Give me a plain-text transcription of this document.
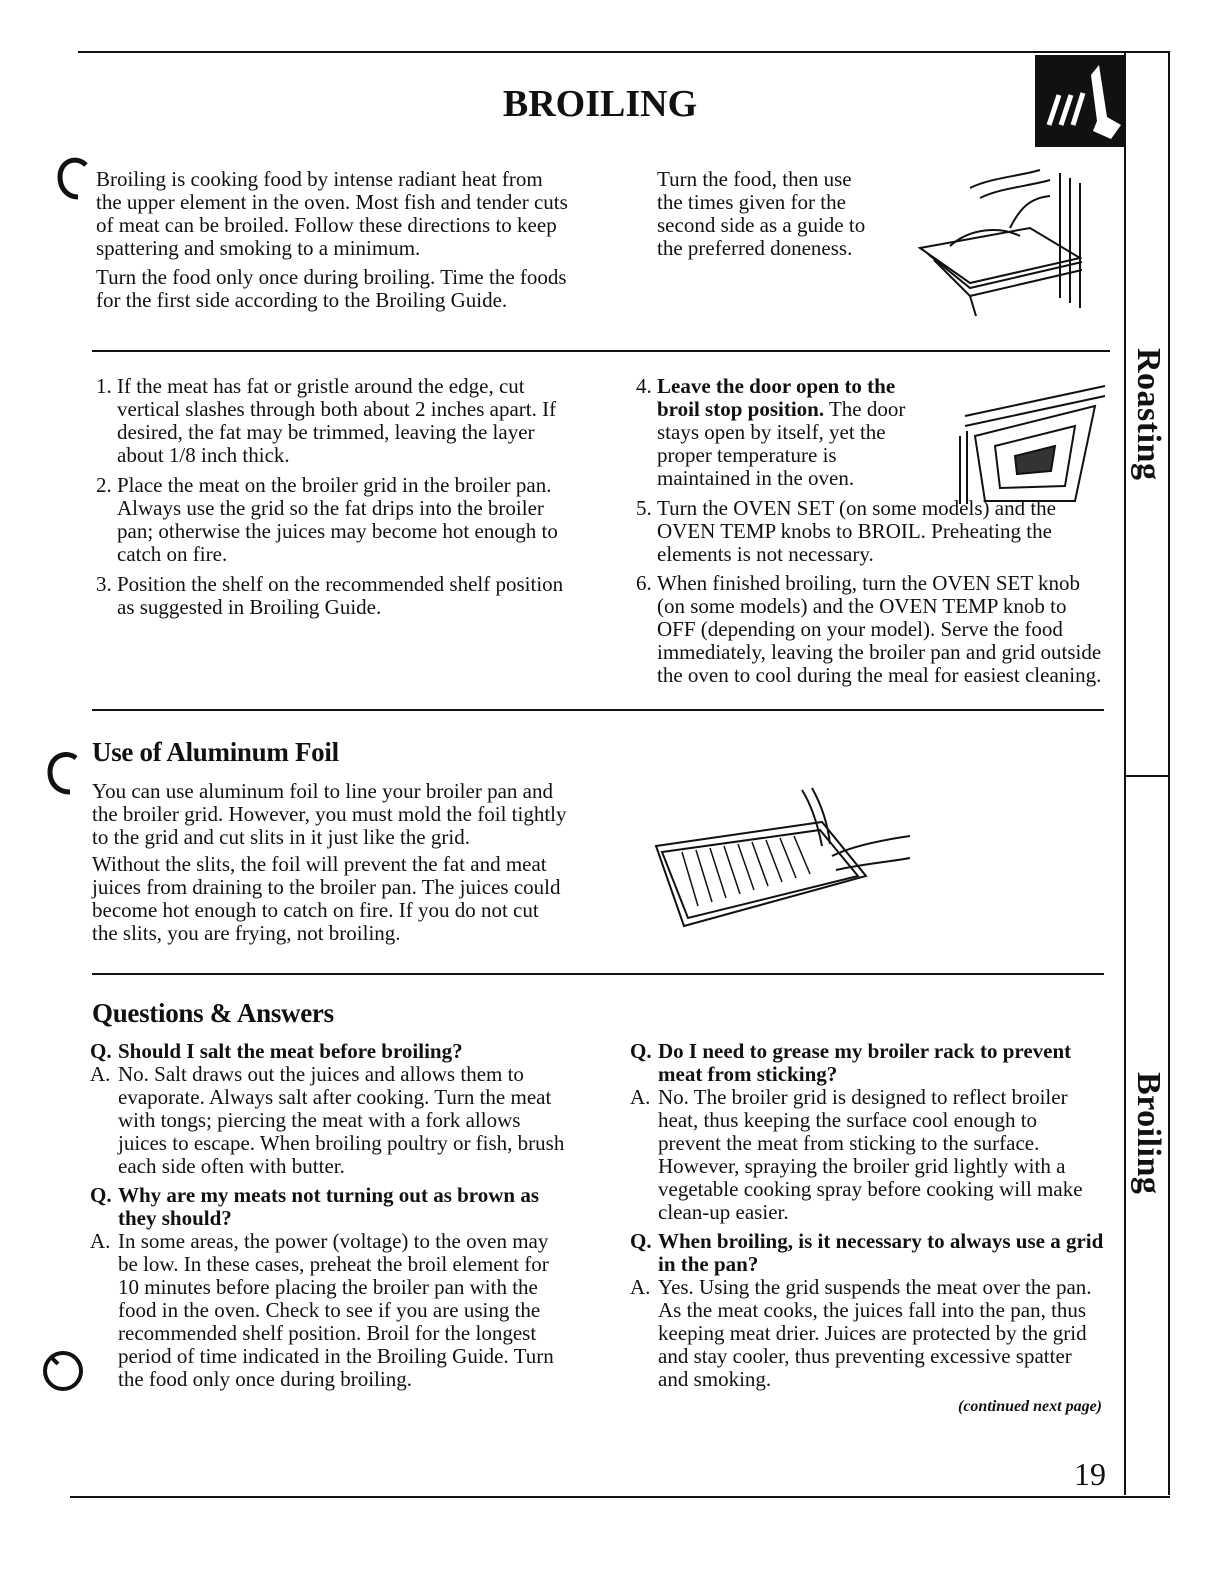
Roasting
Broiling
BROILING
Broiling is cooking food by intense radiant heat from the upper element in the oven. Most fish and tender cuts of meat can be broiled. Follow these directions to keep spattering and smoking to a minimum.
Turn the food only once during broiling. Time the foods for the first side according to the Broiling Guide.
Turn the food, then use the times given for the second side as a guide to the preferred doneness.
1. If the meat has fat or gristle around the edge, cut vertical slashes through both about 2 inches apart. If desired, the fat may be trimmed, leaving the layer about 1/8 inch thick.
2. Place the meat on the broiler grid in the broiler pan. Always use the grid so the fat drips into the broiler pan; otherwise the juices may become hot enough to catch on fire.
3. Position the shelf on the recommended shelf position as suggested in Broiling Guide.
4. Leave the door open to the broil stop position. The door stays open by itself, yet the proper temperature is maintained in the oven.
5. Turn the OVEN SET (on some models) and the OVEN TEMP knobs to BROIL. Preheating the elements is not necessary.
6. When finished broiling, turn the OVEN SET knob (on some models) and the OVEN TEMP knob to OFF (depending on your model). Serve the food immediately, leaving the broiler pan and grid outside the oven to cool during the meal for easiest cleaning.
Use of Aluminum Foil
You can use aluminum foil to line your broiler pan and the broiler grid. However, you must mold the foil tightly to the grid and cut slits in it just like the grid.
Without the slits, the foil will prevent the fat and meat juices from draining to the broiler pan. The juices could become hot enough to catch on fire. If you do not cut the slits, you are frying, not broiling.
Questions & Answers
Q. Should I salt the meat before broiling?
A. No. Salt draws out the juices and allows them to evaporate. Always salt after cooking. Turn the meat with tongs; piercing the meat with a fork allows juices to escape. When broiling poultry or fish, brush each side often with butter.
Q. Why are my meats not turning out as brown as they should?
A. In some areas, the power (voltage) to the oven may be low. In these cases, preheat the broil element for 10 minutes before placing the broiler pan with the food in the oven. Check to see if you are using the recommended shelf position. Broil for the longest period of time indicated in the Broiling Guide. Turn the food only once during broiling.
Q. Do I need to grease my broiler rack to prevent meat from sticking?
A. No. The broiler grid is designed to reflect broiler heat, thus keeping the surface cool enough to prevent the meat from sticking to the surface. However, spraying the broiler grid lightly with a vegetable cooking spray before cooking will make clean-up easier.
Q. When broiling, is it necessary to always use a grid in the pan?
A. Yes. Using the grid suspends the meat over the pan. As the meat cooks, the juices fall into the pan, thus keeping meat drier. Juices are protected by the grid and stay cooler, thus preventing excessive spatter and smoking.
(continued next page)
19
